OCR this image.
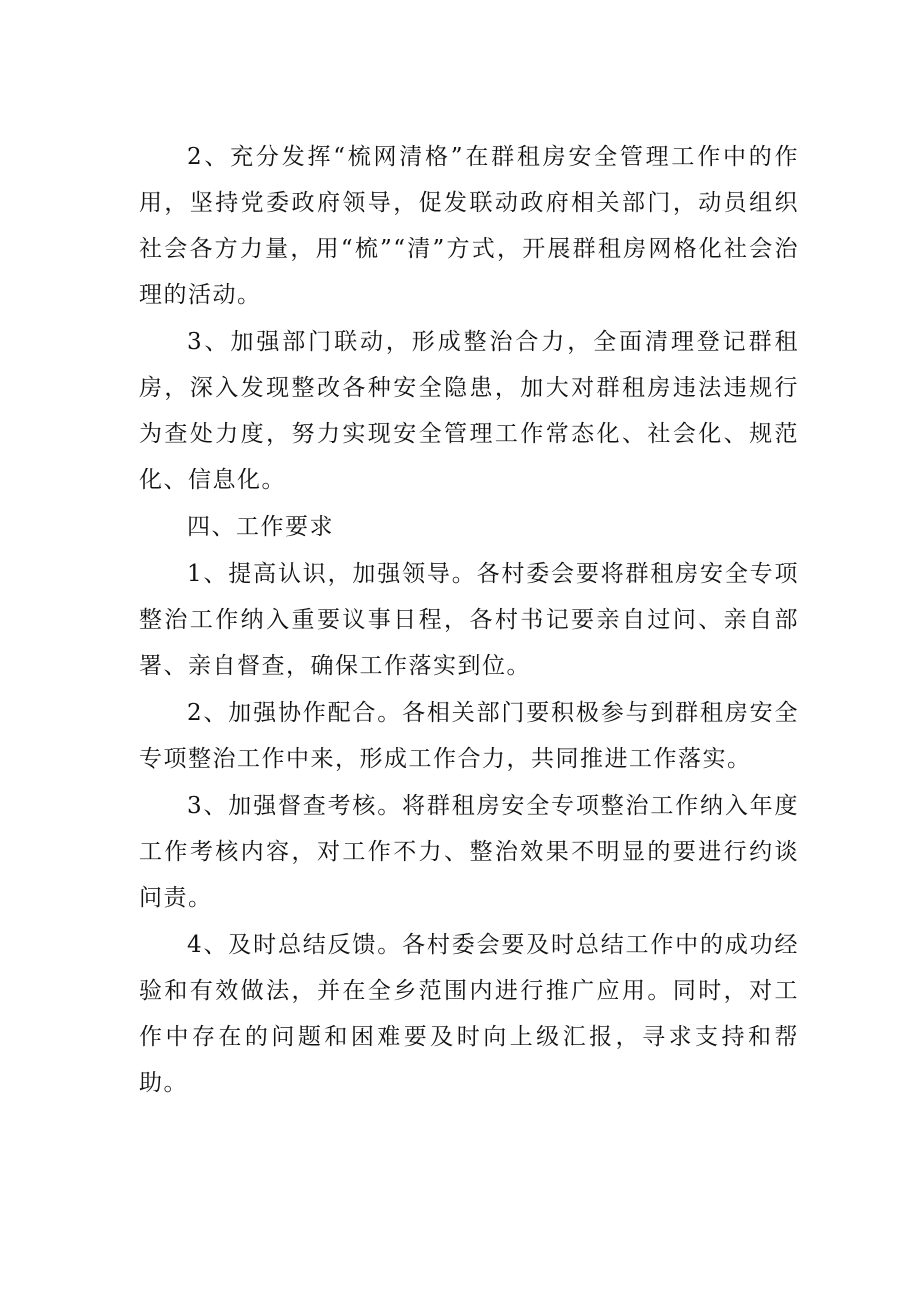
2、充分发挥“梳网清格”在群租房安全管理工作中的作用，坚持党委政府领导，促发联动政府相关部门，动员组织社会各方力量，用“梳”“清”方式，开展群租房网格化社会治理的活动。

3、加强部门联动，形成整治合力，全面清理登记群租房，深入发现整改各种安全隐患，加大对群租房违法违规行为查处力度，努力实现安全管理工作常态化、社会化、规范化、信息化。

四、工作要求

1、提高认识，加强领导。各村委会要将群租房安全专项整治工作纳入重要议事日程，各村书记要亲自过问、亲自部署、亲自督查，确保工作落实到位。

2、加强协作配合。各相关部门要积极参与到群租房安全专项整治工作中来，形成工作合力，共同推进工作落实。

3、加强督查考核。将群租房安全专项整治工作纳入年度工作考核内容，对工作不力、整治效果不明显的要进行约谈问责。

4、及时总结反馈。各村委会要及时总结工作中的成功经验和有效做法，并在全乡范围内进行推广应用。同时，对工作中存在的问题和困难要及时向上级汇报，寻求支持和帮助。
